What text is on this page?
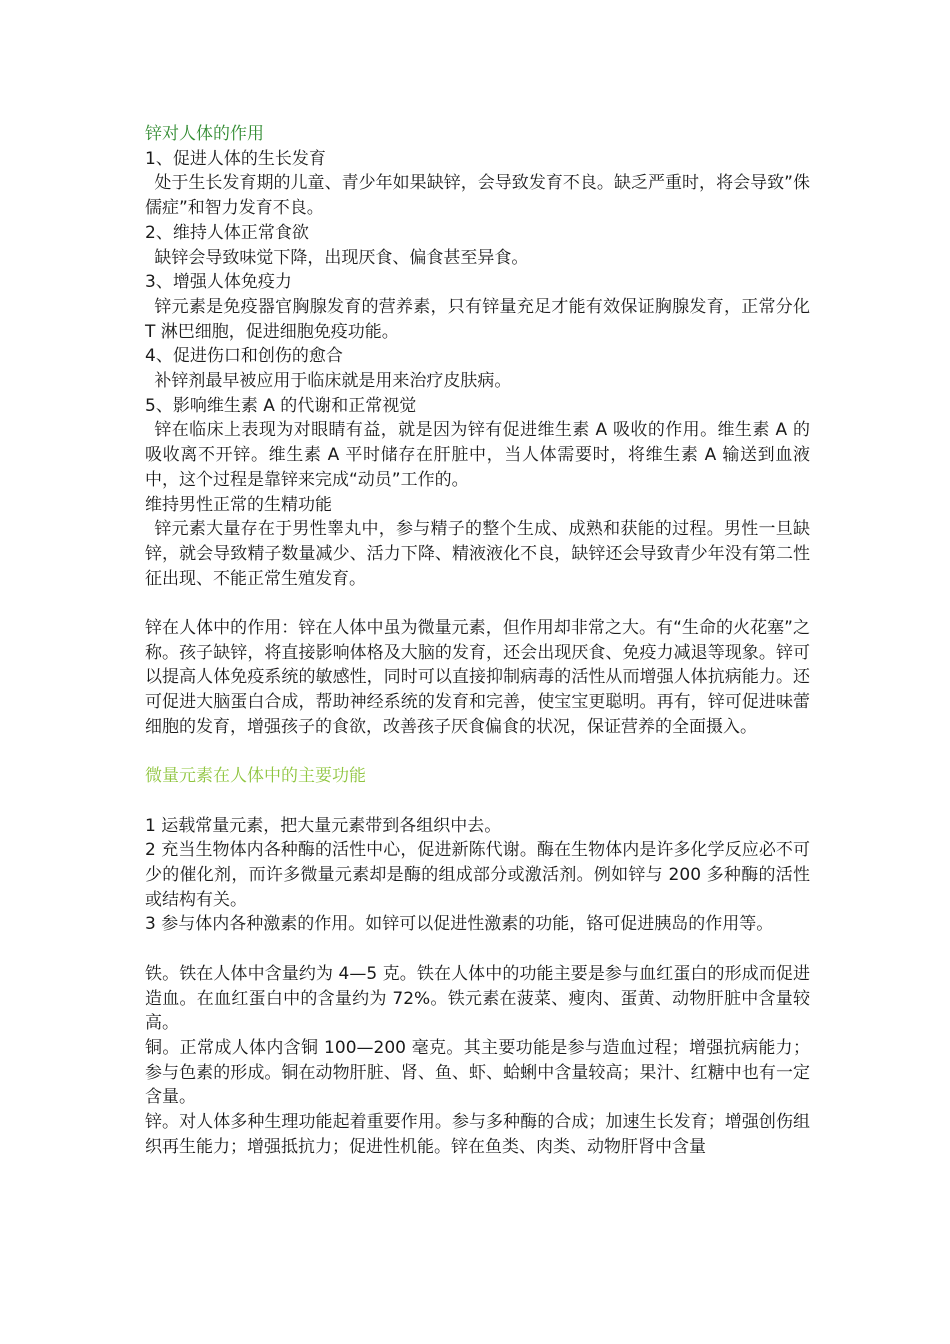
锌对人体的作用

1、促进人体的生长发育

处于生长发育期的儿童、青少年如果缺锌，会导致发育不良。缺乏严重时，将会导致”侏儒症”和智力发育不良。

2、维持人体正常食欲

缺锌会导致味觉下降，出现厌食、偏食甚至异食。

3、增强人体免疫力

锌元素是免疫器官胸腺发育的营养素，只有锌量充足才能有效保证胸腺发育，正常分化 T 淋巴细胞，促进细胞免疫功能。

4、促进伤口和创伤的愈合

补锌剂最早被应用于临床就是用来治疗皮肤病。

5、影响维生素 A 的代谢和正常视觉

锌在临床上表现为对眼睛有益，就是因为锌有促进维生素 A 吸收的作用。维生素 A 的吸收离不开锌。维生素 A 平时储存在肝脏中，当人体需要时，将维生素 A 输送到血液中，这个过程是靠锌来完成“动员”工作的。

维持男性正常的生精功能

锌元素大量存在于男性睾丸中，参与精子的整个生成、成熟和获能的过程。男性一旦缺锌，就会导致精子数量减少、活力下降、精液液化不良，缺锌还会导致青少年没有第二性征出现、不能正常生殖发育。

锌在人体中的作用：锌在人体中虽为微量元素，但作用却非常之大。有“生命的火花塞”之称。孩子缺锌，将直接影响体格及大脑的发育，还会出现厌食、免疫力减退等现象。锌可以提高人体免疫系统的敏感性，同时可以直接抑制病毒的活性从而增强人体抗病能力。还可促进大脑蛋白合成，帮助神经系统的发育和完善，使宝宝更聪明。再有，锌可促进味蕾细胞的发育，增强孩子的食欲，改善孩子厌食偏食的状况，保证营养的全面摄入。

微量元素在人体中的主要功能

1 运载常量元素，把大量元素带到各组织中去。

2 充当生物体内各种酶的活性中心，促进新陈代谢。酶在生物体内是许多化学反应必不可少的催化剂，而许多微量元素却是酶的组成部分或激活剂。例如锌与 200 多种酶的活性或结构有关。

3 参与体内各种激素的作用。如锌可以促进性激素的功能，铬可促进胰岛的作用等。

铁。铁在人体中含量约为 4—5 克。铁在人体中的功能主要是参与血红蛋白的形成而促进造血。在血红蛋白中的含量约为 72%。铁元素在菠菜、瘦肉、蛋黄、动物肝脏中含量较高。

铜。正常成人体内含铜 100—200 毫克。其主要功能是参与造血过程；增强抗病能力；参与色素的形成。铜在动物肝脏、肾、鱼、虾、蛤蜊中含量较高；果汁、红糖中也有一定含量。

锌。对人体多种生理功能起着重要作用。参与多种酶的合成；加速生长发育；增强创伤组织再生能力；增强抵抗力；促进性机能。锌在鱼类、肉类、动物肝肾中含量
